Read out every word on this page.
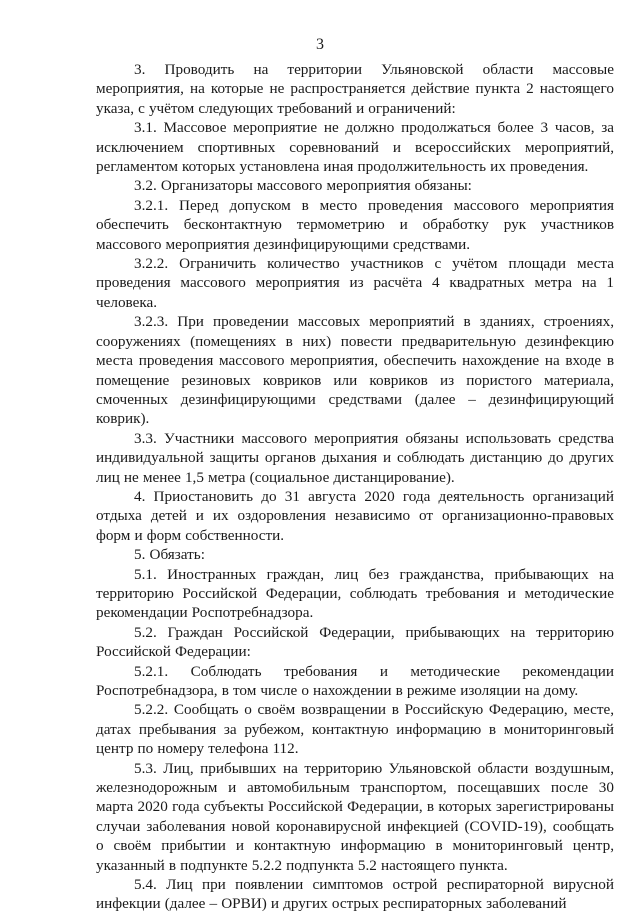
3

3. Проводить на территории Ульяновской области массовые мероприятия, на которые не распространяется действие пункта 2 настоящего указа, с учётом следующих требований и ограничений:

3.1. Массовое мероприятие не должно продолжаться более 3 часов, за исключением спортивных соревнований и всероссийских мероприятий, регламентом которых установлена иная продолжительность их проведения.

3.2. Организаторы массового мероприятия обязаны:

3.2.1. Перед допуском в место проведения массового мероприятия обеспечить бесконтактную термометрию и обработку рук участников массового мероприятия дезинфицирующими средствами.

3.2.2. Ограничить количество участников с учётом площади места проведения массового мероприятия из расчёта 4 квадратных метра на 1 человека.

3.2.3. При проведении массовых мероприятий в зданиях, строениях, сооружениях (помещениях в них) повести предварительную дезинфекцию места проведения массового мероприятия, обеспечить нахождение на входе в помещение резиновых ковриков или ковриков из пористого материала, смоченных дезинфицирующими средствами (далее – дезинфицирующий коврик).

3.3. Участники массового мероприятия обязаны использовать средства индивидуальной защиты органов дыхания и соблюдать дистанцию до других лиц не менее 1,5 метра (социальное дистанцирование).

4. Приостановить до 31 августа 2020 года деятельность организаций отдыха детей и их оздоровления независимо от организационно-правовых форм и форм собственности.

5. Обязать:

5.1. Иностранных граждан, лиц без гражданства, прибывающих на территорию Российской Федерации, соблюдать требования и методические рекомендации Роспотребнадзора.

5.2. Граждан Российской Федерации, прибывающих на территорию Российской Федерации:

5.2.1. Соблюдать требования и методические рекомендации Роспотребнадзора, в том числе о нахождении в режиме изоляции на дому.

5.2.2. Сообщать о своём возвращении в Российскую Федерацию, месте, датах пребывания за рубежом, контактную информацию в мониторинговый центр по номеру телефона 112.

5.3. Лиц, прибывших на территорию Ульяновской области воздушным, железнодорожным и автомобильным транспортом, посещавших после 30 марта 2020 года субъекты Российской Федерации, в которых зарегистрированы случаи заболевания новой коронавирусной инфекцией (COVID-19), сообщать о своём прибытии и контактную информацию в мониторинговый центр, указанный в подпункте 5.2.2 подпункта 5.2 настоящего пункта.

5.4. Лиц при появлении симптомов острой респираторной вирусной инфекции (далее – ОРВИ) и других острых респираторных заболеваний
